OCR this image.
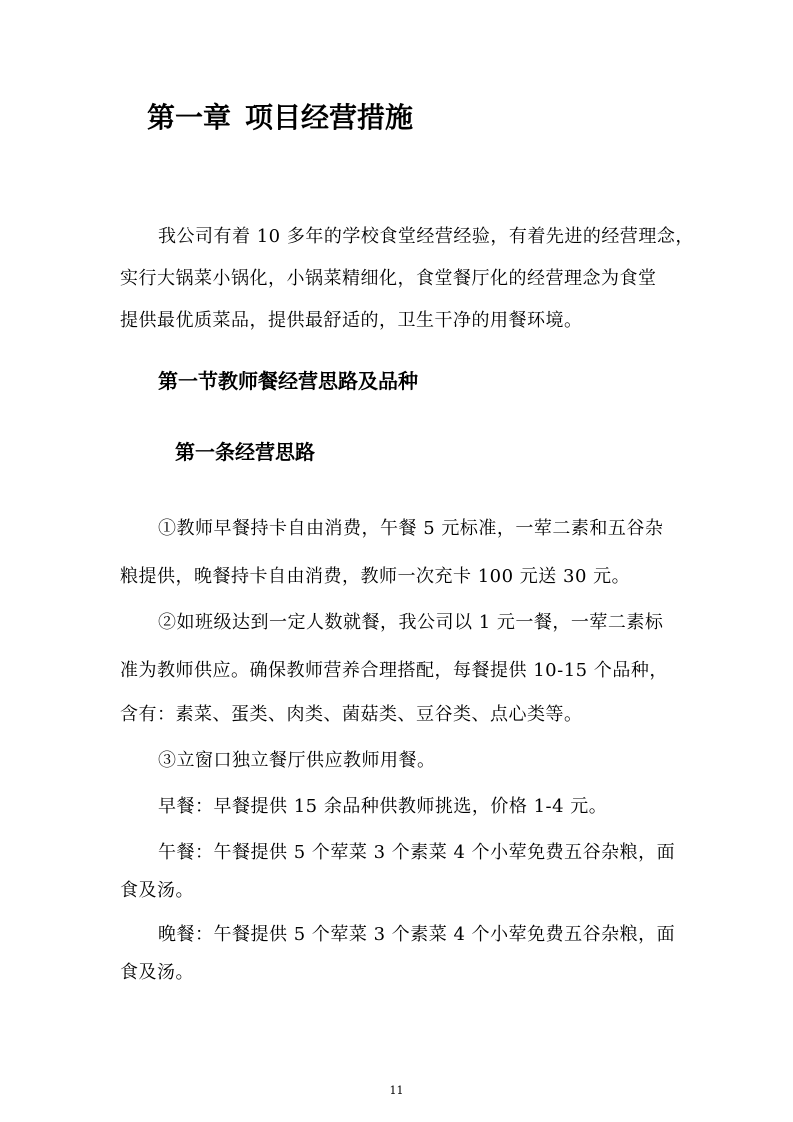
第一章 项目经营措施
我公司有着 10 多年的学校食堂经营经验，有着先进的经营理念，
实行大锅菜小锅化，小锅菜精细化，食堂餐厅化的经营理念为食堂
提供最优质菜品，提供最舒适的，卫生干净的用餐环境。
第一节教师餐经营思路及品种
第一条经营思路
①教师早餐持卡自由消费，午餐 5 元标准，一荤二素和五谷杂
粮提供，晚餐持卡自由消费，教师一次充卡 100 元送 30 元。
②如班级达到一定人数就餐，我公司以 1 元一餐，一荤二素标
准为教师供应。确保教师营养合理搭配，每餐提供 10-15 个品种，
含有：素菜、蛋类、肉类、菌菇类、豆谷类、点心类等。
③立窗口独立餐厅供应教师用餐。
早餐：早餐提供 15 余品种供教师挑选，价格 1-4 元。
午餐：午餐提供 5 个荤菜 3 个素菜 4 个小荤免费五谷杂粮，面
食及汤。
晚餐：午餐提供 5 个荤菜 3 个素菜 4 个小荤免费五谷杂粮，面
食及汤。
11
